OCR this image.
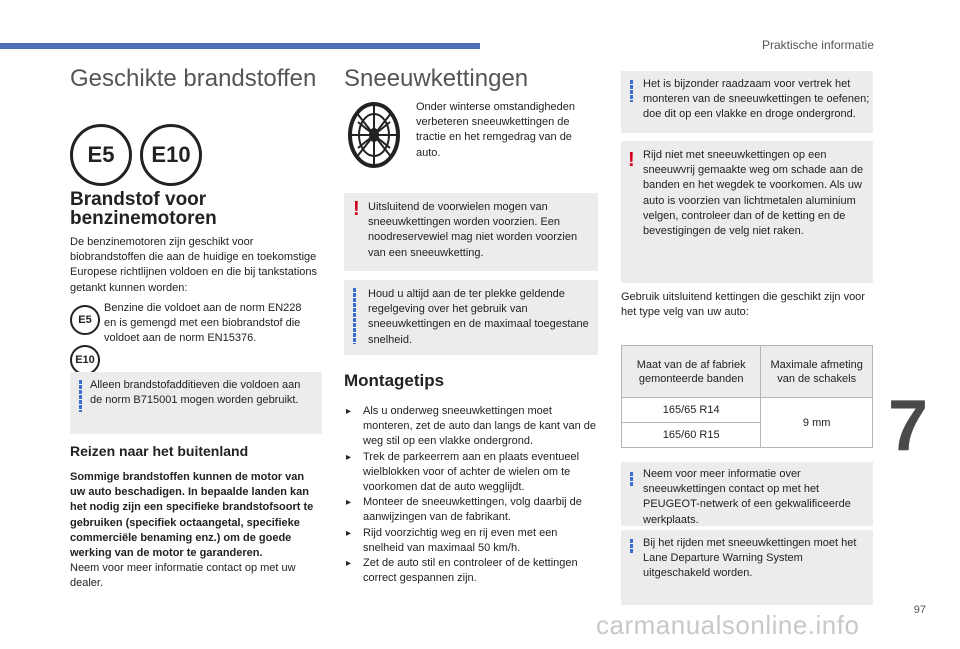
Praktische informatie
7
97
carmanualsonline.info
Geschikte brandstoffen
E5	E10
Brandstof voor benzinemotoren
De benzinemotoren zijn geschikt voor biobrandstoffen die aan de huidige en toekomstige Europese richtlijnen voldoen en die bij tankstations getankt kunnen worden:
E5
E10
Benzine die voldoet aan de norm EN228 en is gemengd met een biobrandstof die voldoet aan de norm EN15376.
Alleen brandstofadditieven die voldoen aan de norm B715001 mogen worden gebruikt.
Reizen naar het buitenland
Sommige brandstoffen kunnen de motor van uw auto beschadigen. In bepaalde landen kan het nodig zijn een specifieke brandstofsoort te gebruiken (specifiek octaangetal, specifieke commerciële benaming enz.) om de goede werking van de motor te garanderen.
Neem voor meer informatie contact op met uw dealer.
Sneeuwkettingen
Onder winterse omstandigheden verbeteren sneeuwkettingen de tractie en het remgedrag van de auto.
! Uitsluitend de voorwielen mogen van sneeuwkettingen worden voorzien. Een noodreservewiel mag niet worden voorzien van een sneeuwketting.
Houd u altijd aan de ter plekke geldende regelgeving over het gebruik van sneeuwkettingen en de maximaal toegestane snelheid.
Montagetips
▸ Als u onderweg sneeuwkettingen moet monteren, zet de auto dan langs de kant van de weg stil op een vlakke ondergrond.
▸ Trek de parkeerrem aan en plaats eventueel wielblokken voor of achter de wielen om te voorkomen dat de auto wegglijdt.
▸ Monteer de sneeuwkettingen, volg daarbij de aanwijzingen van de fabrikant.
▸ Rijd voorzichtig weg en rij even met een snelheid van maximaal 50 km/h.
▸ Zet de auto stil en controleer of de kettingen correct gespannen zijn.
Het is bijzonder raadzaam voor vertrek het monteren van de sneeuwkettingen te oefenen; doe dit op een vlakke en droge ondergrond.
! Rijd niet met sneeuwkettingen op een sneeuwvrij gemaakte weg om schade aan de banden en het wegdek te voorkomen. Als uw auto is voorzien van lichtmetalen aluminium velgen, controleer dan of de ketting en de bevestigingen de velg niet raken.
Gebruik uitsluitend kettingen die geschikt zijn voor het type velg van uw auto:
Maat van de af fabriek gemonteerde banden	Maximale afmeting van de schakels
165/65 R14	9 mm
165/60 R15	
Neem voor meer informatie over sneeuwkettingen contact op met het PEUGEOT-netwerk of een gekwalificeerde werkplaats.
Bij het rijden met sneeuwkettingen moet het Lane Departure Warning System uitgeschakeld worden.
